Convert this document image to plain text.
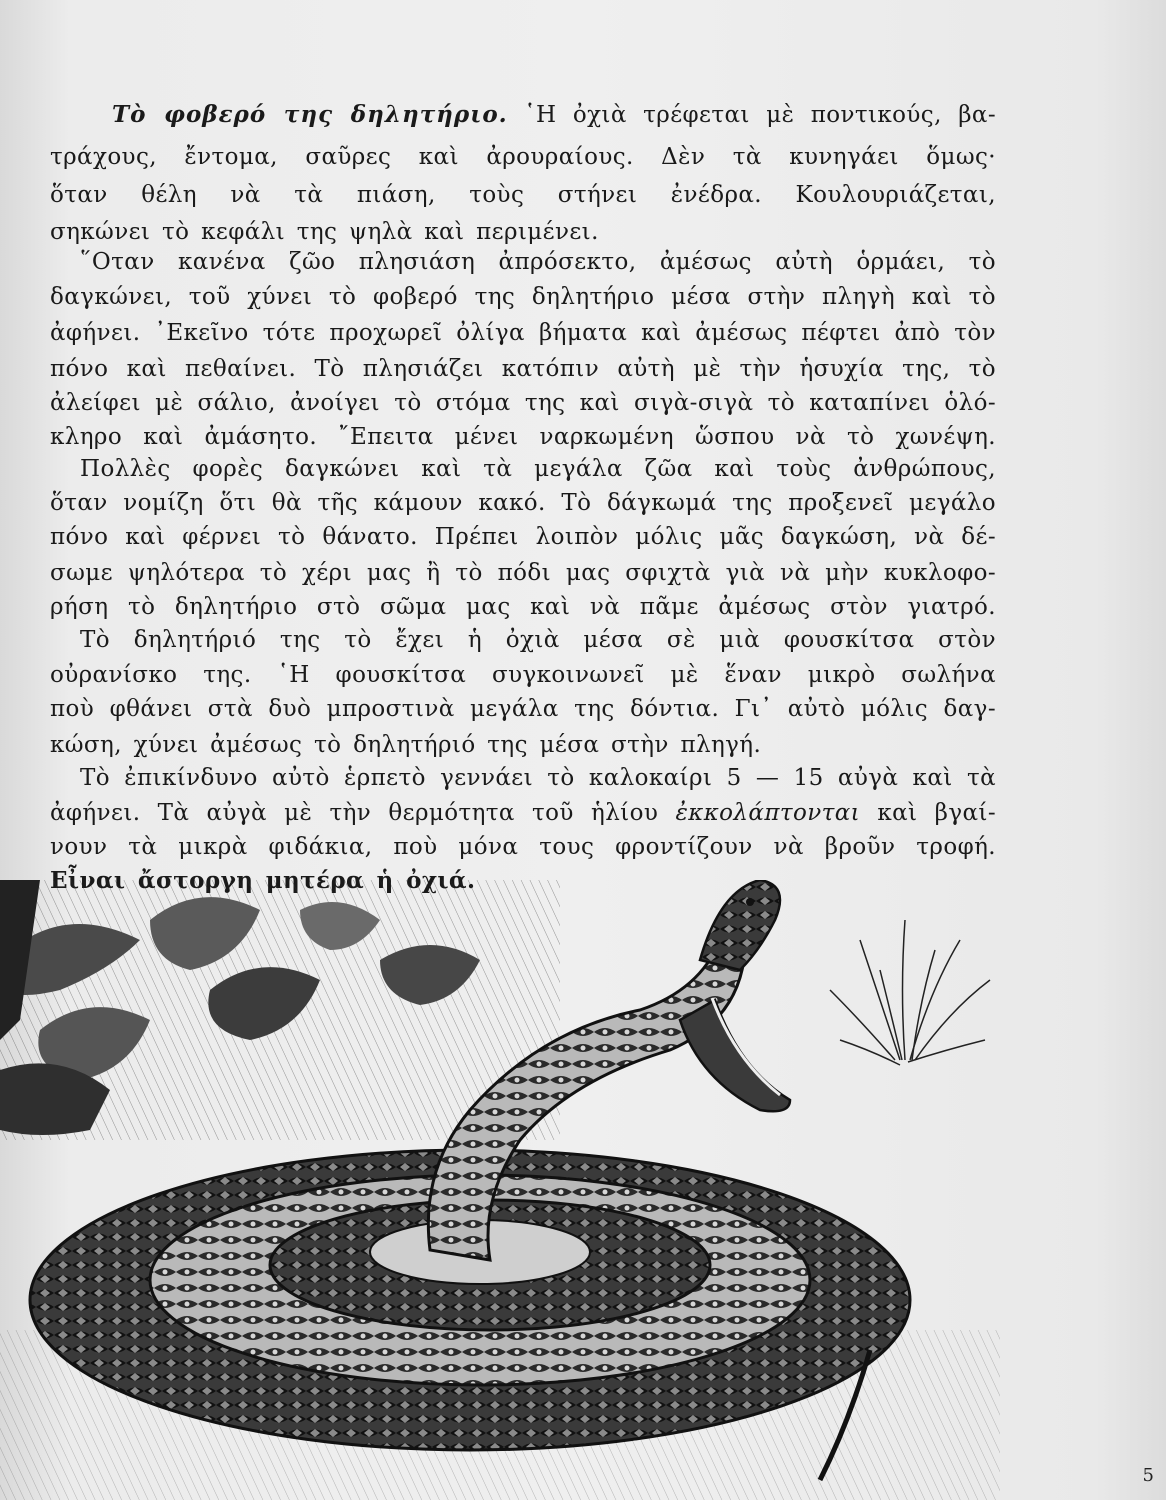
Τὸ φοβερό της δηλητήριο. ῾Η ὀχιὰ τρέφεται μὲ ποντικούς, βα-
τράχους, ἔντομα, σαῦρες καὶ ἀρουραίους. Δὲν τὰ κυνηγάει ὅμως·
ὅταν θέλη νὰ τὰ πιάση, τοὺς στήνει ἐνέδρα. Κουλουριάζεται,
σηκώνει τὸ κεφάλι της ψηλὰ καὶ περιμένει.
῞Οταν κανένα ζῶο πλησιάση ἀπρόσεκτο, ἀμέσως αὐτὴ ὁρμάει, τὸ
δαγκώνει, τοῦ χύνει τὸ φοβερό της δηλητήριο μέσα στὴν πληγὴ καὶ τὸ
ἀφήνει. ᾿Εκεῖνο τότε προχωρεῖ ὀλίγα βήματα καὶ ἀμέσως πέφτει ἀπὸ τὸν
πόνο καὶ πεθαίνει. Τὸ πλησιάζει κατόπιν αὐτὴ μὲ τὴν ἡσυχία της, τὸ
ἀλείφει μὲ σάλιο, ἀνοίγει τὸ στόμα της καὶ σιγὰ-σιγὰ τὸ καταπίνει ὁλό-
κληρο καὶ ἀμάσητο. ῎Επειτα μένει ναρκωμένη ὥσπου νὰ τὸ χωνέψη.
Πολλὲς φορὲς δαγκώνει καὶ τὰ μεγάλα ζῶα καὶ τοὺς ἀνθρώπους,
ὅταν νομίζη ὅτι θὰ τῆς κάμουν κακό. Τὸ δάγκωμά της προξενεῖ μεγάλο
πόνο καὶ φέρνει τὸ θάνατο. Πρέπει λοιπὸν μόλις μᾶς δαγκώση, νὰ δέ-
σωμε ψηλότερα τὸ χέρι μας ἢ τὸ πόδι μας σφιχτὰ γιὰ νὰ μὴν κυκλοφο-
ρήση τὸ δηλητήριο στὸ σῶμα μας καὶ νὰ πᾶμε ἀμέσως στὸν γιατρό.
Τὸ δηλητήριό της τὸ ἔχει ἡ ὀχιὰ μέσα σὲ μιὰ φουσκίτσα στὸν
οὐρανίσκο της. ῾Η φουσκίτσα συγκοινωνεῖ μὲ ἕναν μικρὸ σωλήνα
ποὺ φθάνει στὰ δυὸ μπροστινὰ μεγάλα της δόντια. Γι᾿ αὐτὸ μόλις δαγ-
κώση, χύνει ἀμέσως τὸ δηλητήριό της μέσα στὴν πληγή.
Τὸ ἐπικίνδυνο αὐτὸ ἑρπετὸ γεννάει τὸ καλοκαίρι 5 — 15 αὐγὰ καὶ τὰ
ἀφήνει. Τὰ αὐγὰ μὲ τὴν θερμότητα τοῦ ἡλίου ἐκκολάπτονται καὶ βγαί-
νουν τὰ μικρὰ φιδάκια, ποὺ μόνα τους φροντίζουν νὰ βροῦν τροφή.
5
